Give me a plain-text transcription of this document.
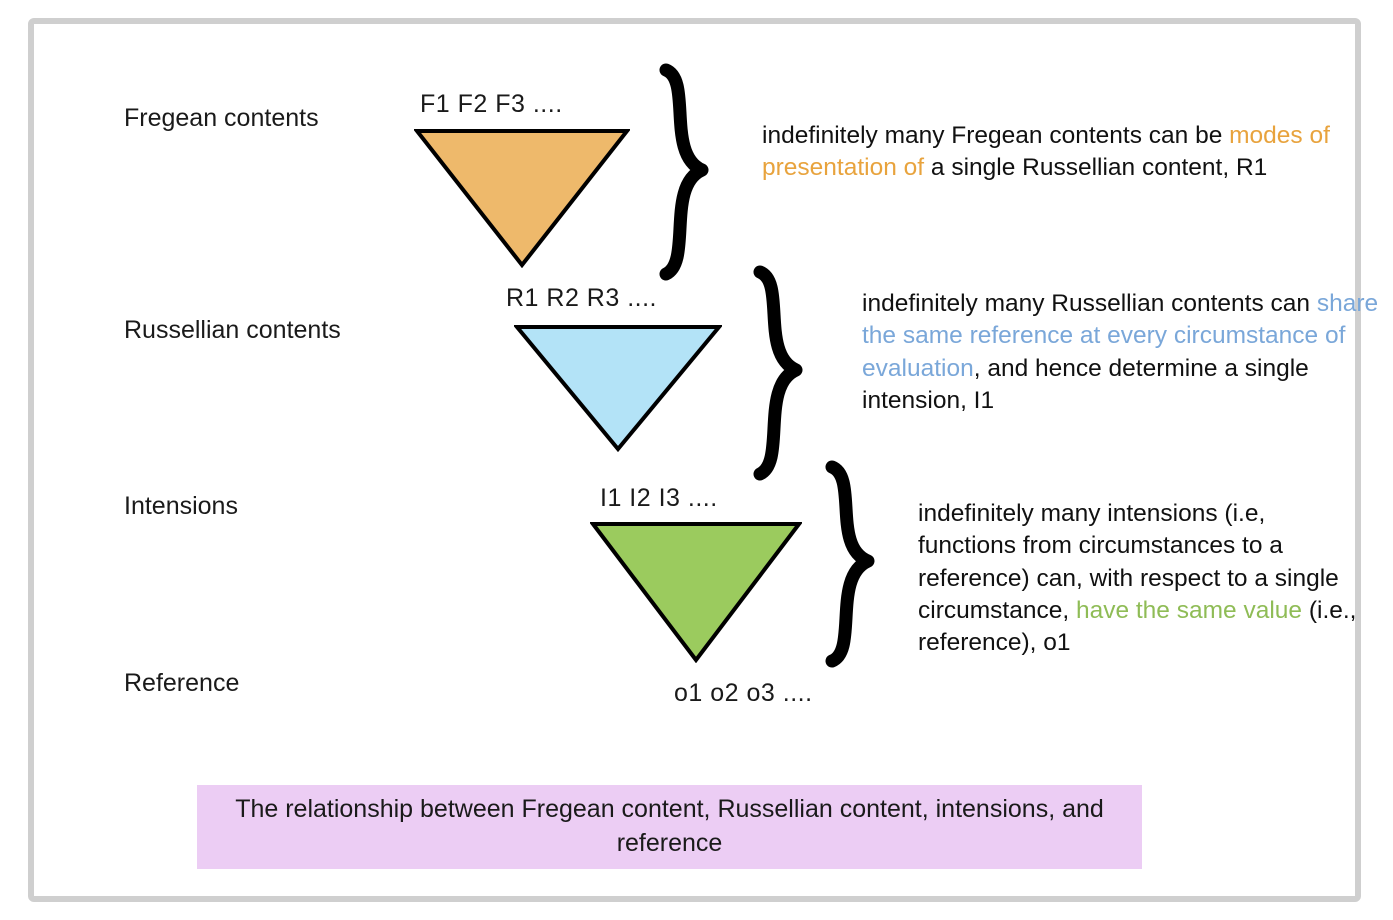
Fregean contents
Russellian contents
Intensions
Reference
F1 F2 F3 ....
R1 R2 R3 ....
I1 I2 I3 ....
o1 o2 o3 ....
indefinitely many Fregean contents can be modes of presentation of a single Russellian content, R1
indefinitely many Russellian contents can share the same reference at every circumstance of evaluation, and hence determine a single intension, I1
indefinitely many intensions (i.e, functions from circumstances to a reference) can, with respect to a single circumstance, have the same value (i.e., reference), o1
The relationship between Fregean content, Russellian content, intensions, and reference
